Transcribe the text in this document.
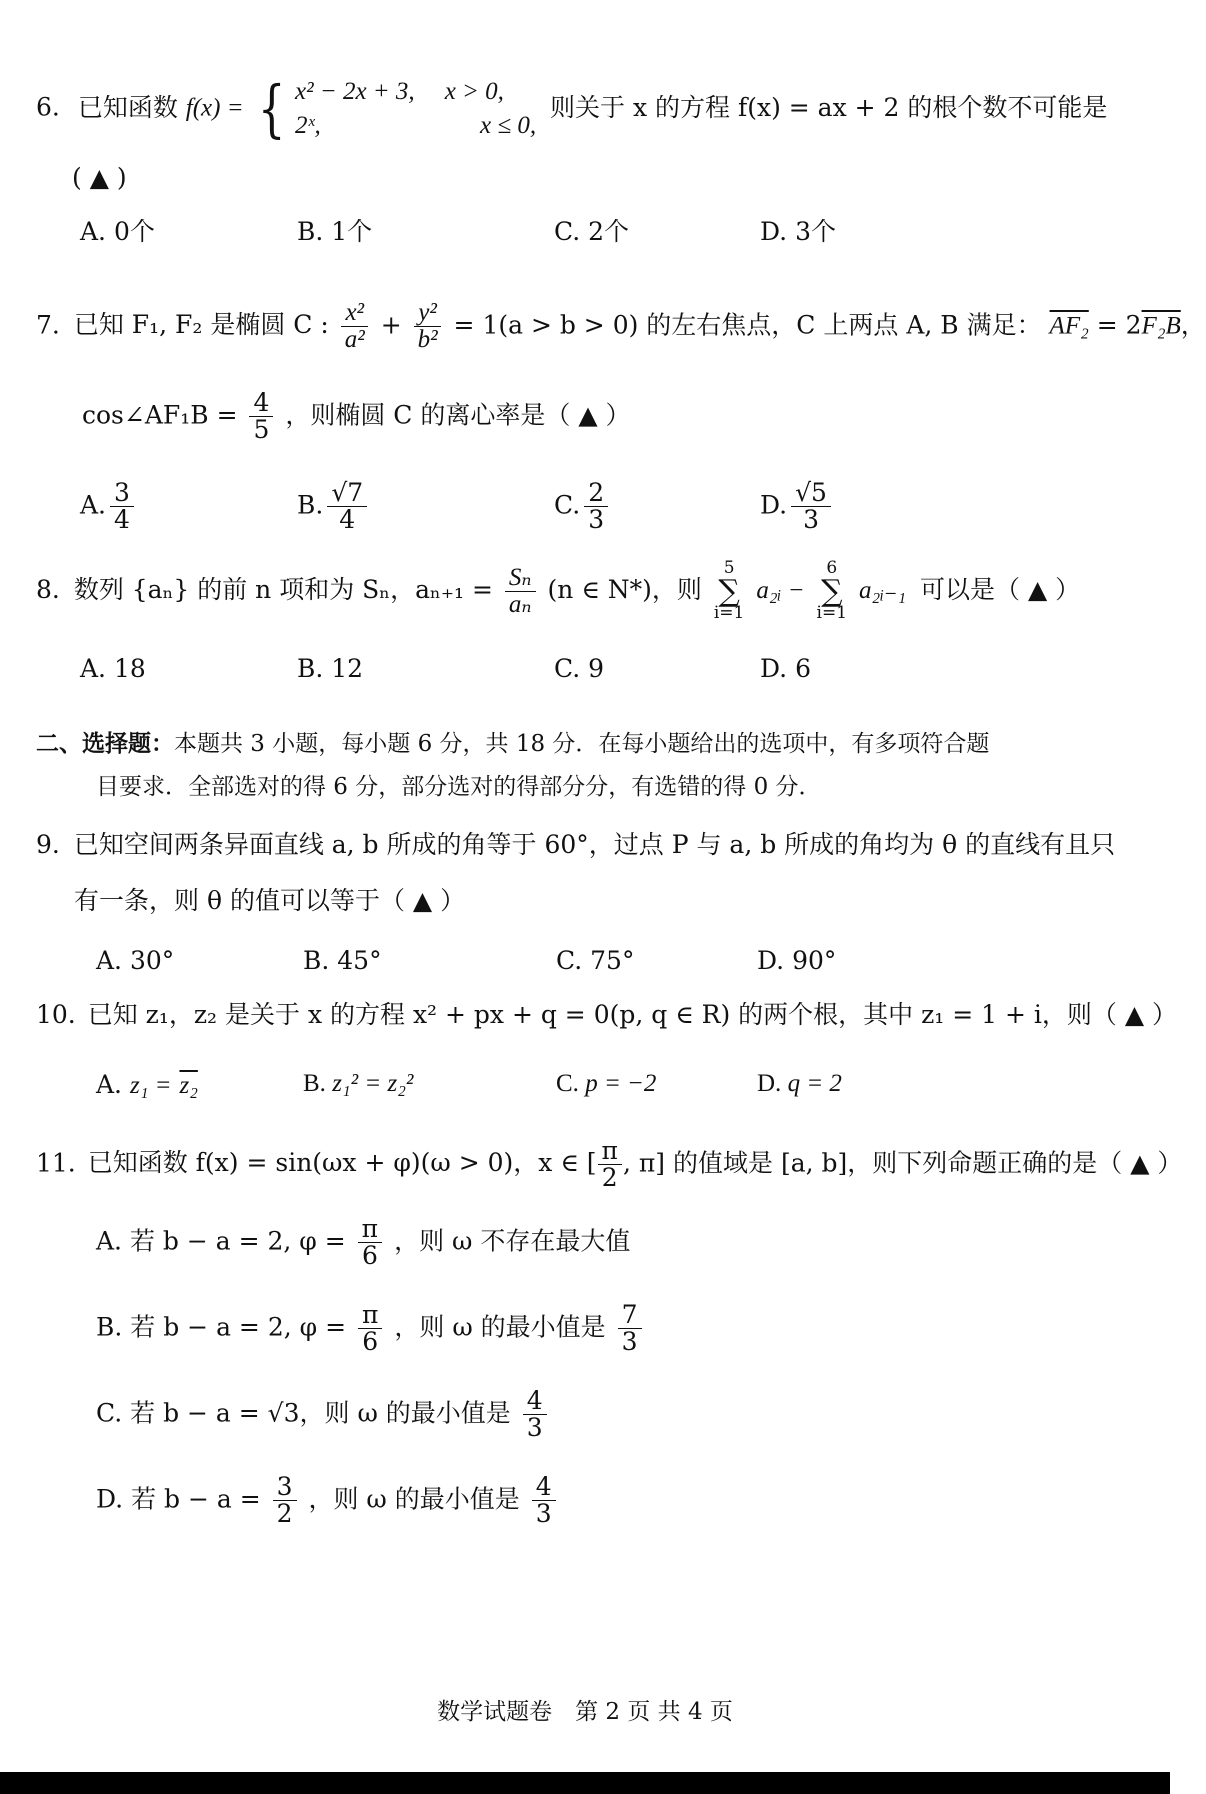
6. 已知函数 f(x) = { x² − 2x + 3, x > 0,
2ˣ,	x ≤ 0,
则关于 x 的方程 f(x) = ax + 2 的根个数不可能是
( ▲ )
A. 0个	B. 1个	C. 2个	D. 3个
7. 已知 F₁, F₂ 是椭圆 C : $\frac{\text{x²}}{\text{a²}} + \frac{\text{y²}}{\text{b²}} = 1(a > b > 0)$ 的左右焦点，C 上两点 A, B 满足： AF₂ = 2F₂B，
cos∠AF₁B = $\frac{4}{5}$ ，则椭圆 C 的离心率是（ ▲ ）
A. $\frac{3}{4}$	B. $\frac{√7}{4}$	C. $\frac{2}{3}$	D. $\frac{√5}{3}$
8. 数列 {aₙ} 的前 n 项和为 Sₙ，$a_{n+1} = \frac{\text{Sₙ}}{\text{aₙ}} (n$ ∈ N*)，则
5
∑
i=1
a₂ᵢ −
6
∑
i=1
a₂ᵢ₋₁ 可以是（ ▲ ）
A. 18	B. 12	C. 9	D. 6
二、选择题：本题共 3 小题，每小题 6 分，共 18 分．在每小题给出的选项中，有多项符合题
目要求．全部选对的得 6 分，部分选对的得部分分，有选错的得 0 分．
9. 已知空间两条异面直线 a, b 所成的角等于 60°，过点 P 与 a, b 所成的角均为 θ 的直线有且只
有一条，则 θ 的值可以等于（ ▲ ）
A. 30°	B. 45°	C. 75°	D. 90°
10. 已知 z₁，z₂ 是关于 x 的方程 x² + px + q = 0(p, q ∈ R) 的两个根，其中 z₁ = 1 + i，则（ ▲ ）
A. z₁ = z₂	B. z₁² = z₂²	C. p = −2	D. q = 2
11. 已知函数 f(x) = sin(ωx + φ)(ω > 0)，x ∈ [ $\frac{\pi}{2}$ , π] 的值域是 [a, b]，则下列命题正确的是（ ▲ ）
A. 若 b − a = 2, $\varphi = \frac{\pi}{6}$ ，则 ω 不存在最大值
B. 若 b − a = 2, $\varphi = \frac{\pi}{6}$ ，则 ω 的最小值是 $\frac{7}{3}$
C. 若 b − a = √3，则 ω 的最小值是 $\frac{4}{3}$
D. 若 $b - a = \frac{3}{2}$ ，则 ω 的最小值是 $\frac{4}{3}$
数学试题卷　第 2 页 共 4 页
